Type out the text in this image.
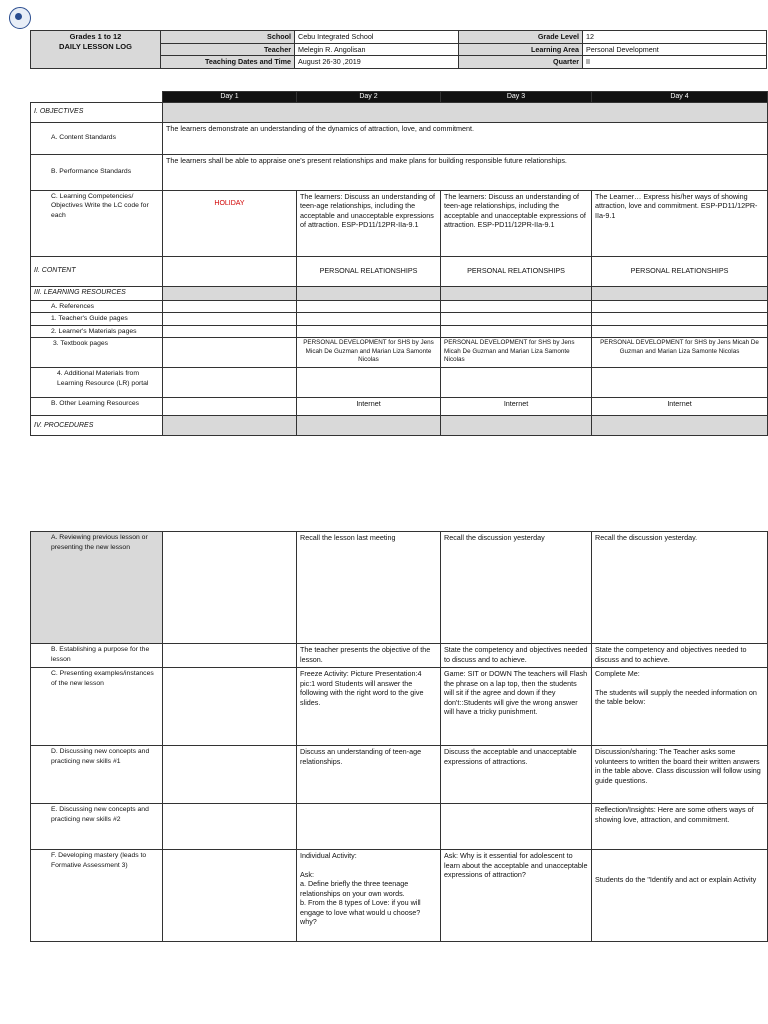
Grades 1 to 12
DAILY LESSON LOG	School	Cebu Integrated School	Grade Level	12
	Teacher	Melegin R. Angolisan	Learning Area	Personal Development
	Teaching Dates and Time	August 26-30 ,2019	Quarter	II
	Day 1	Day 2	Day 3	Day 4
I. OBJECTIVES				
A. Content Standards	The learners demonstrate an understanding of the dynamics of attraction, love, and commitment.			
B. Performance Standards	The learners shall be able to appraise one's present relationships and make plans for building responsible future relationships.			
C. Learning Competencies/ Objectives Write the LC code for each	HOLIDAY	The learners: Discuss an understanding of teen-age relationships, including the acceptable and unacceptable expressions of attraction. ESP-PD11/12PR-IIa-9.1	The learners: Discuss an understanding of teen-age relationships, including the acceptable and unacceptable expressions of attraction. ESP-PD11/12PR-IIa-9.1	The Learner… Express his/her ways of showing attraction, love and commitment. ESP-PD11/12PR-IIa-9.1
II. CONTENT		PERSONAL RELATIONSHIPS	PERSONAL RELATIONSHIPS	PERSONAL RELATIONSHIPS
III. LEARNING RESOURCES				
A. References				
1. Teacher's Guide pages				
2. Learner's Materials pages				
3. Textbook pages		PERSONAL DEVELOPMENT for SHS by Jens Micah De Guzman and Marian Liza Samonte Nicolas	PERSONAL DEVELOPMENT for SHS by Jens Micah De Guzman and Marian Liza Samonte Nicolas	PERSONAL DEVELOPMENT for SHS by Jens Micah De Guzman and Marian Liza Samonte Nicolas
4. Additional Materials from Learning Resource (LR) portal				
B. Other Learning Resources		Internet	Internet	Internet
IV. PROCEDURES				
A. Reviewing previous lesson or presenting the new lesson		Recall the lesson last meeting	Recall the discussion yesterday	Recall the discussion yesterday.
B. Establishing a purpose for the lesson		The teacher presents the objective of the lesson.	State the competency and objectives needed to discuss and to achieve.	State the competency and objectives needed to discuss and to achieve.
C. Presenting examples/instances of the new lesson		Freeze Activity: Picture Presentation:4 pic:1 word Students will answer the following with the right word to the give slides.	Game: SIT or DOWN The teachers will Flash the phrase on a lap top, then the students will sit if the agree and down if they don't::Students will give the wrong answer will have a tricky punishment.	Complete Me:
The students will supply the needed information on the table below:

D. Discussing new concepts and practicing new skills #1		Discuss an understanding of teen-age relationships.	Discuss the acceptable and unacceptable expressions of attractions.	Discussion/sharing: The Teacher asks some volunteers to written the board their written answers in the table above. Class discussion will follow using guide questions.
E. Discussing new concepts and practicing new skills #2				Reflection/Insights: Here are some others ways of showing love, attraction, and commitment.
F. Developing mastery (leads to Formative Assessment 3)		Individual Activity:
Ask:
a. Define briefly the three teenage relationships on your own words.
b. From the 8 types of Love: if you will engage to love what would u choose? why?	Ask: Why is it essential for adolescent to learn about the acceptable and unacceptable expressions of attraction?	Students do the "Identify and act or explain Activity
